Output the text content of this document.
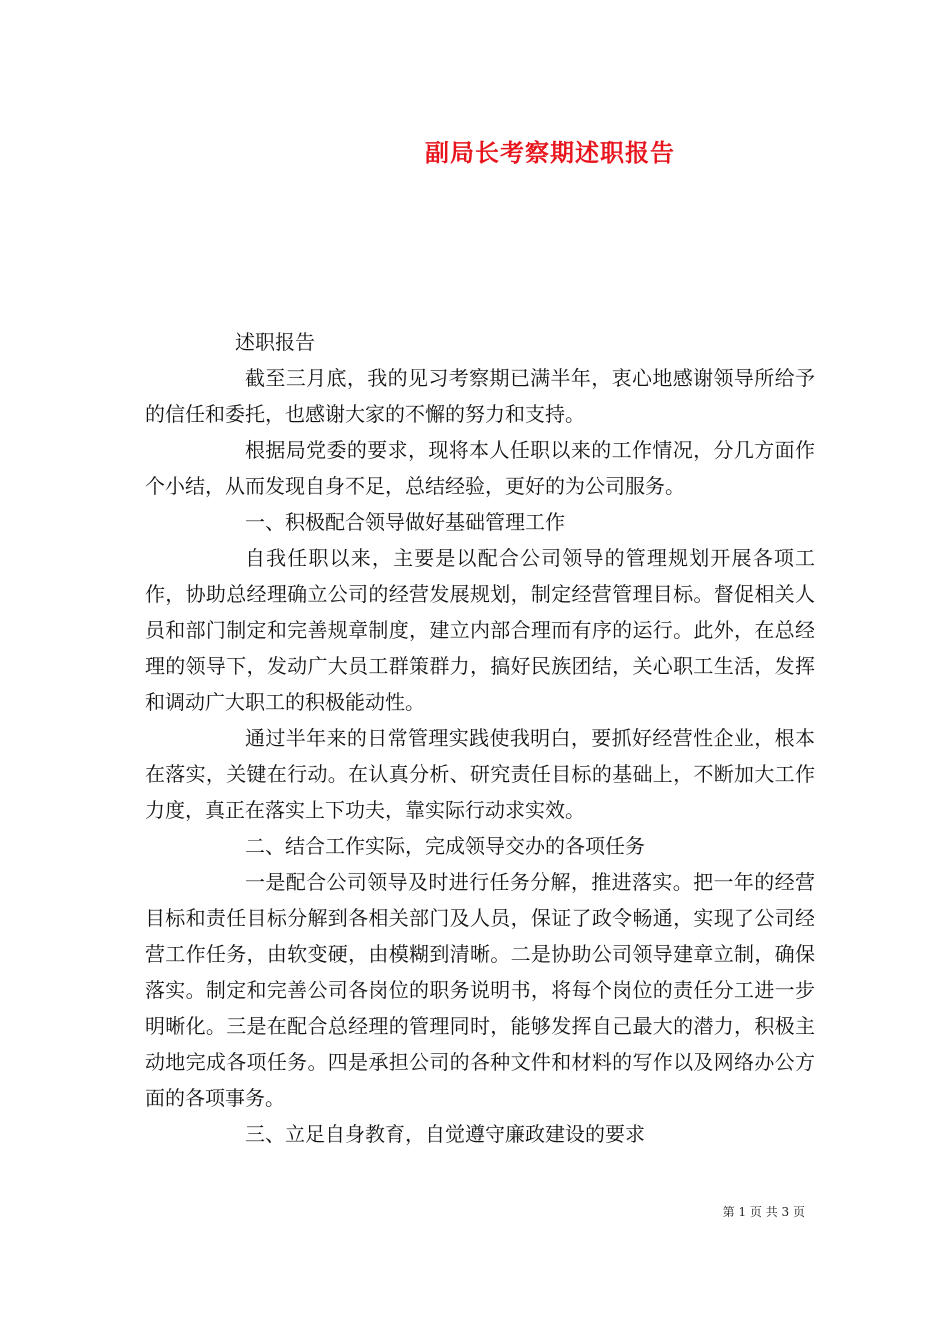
副局长考察期述职报告
述职报告

截至三月底，我的见习考察期已满半年，衷心地感谢领导所给予的信任和委托，也感谢大家的不懈的努力和支持。

根据局党委的要求，现将本人任职以来的工作情况，分几方面作个小结，从而发现自身不足，总结经验，更好的为公司服务。

一、积极配合领导做好基础管理工作

自我任职以来，主要是以配合公司领导的管理规划开展各项工作，协助总经理确立公司的经营发展规划，制定经营管理目标。督促相关人员和部门制定和完善规章制度，建立内部合理而有序的运行。此外，在总经理的领导下，发动广大员工群策群力，搞好民族团结，关心职工生活，发挥和调动广大职工的积极能动性。

通过半年来的日常管理实践使我明白，要抓好经营性企业，根本在落实，关键在行动。在认真分析、研究责任目标的基础上，不断加大工作力度，真正在落实上下功夫，靠实际行动求实效。

二、结合工作实际，完成领导交办的各项任务

一是配合公司领导及时进行任务分解，推进落实。把一年的经营目标和责任目标分解到各相关部门及人员，保证了政令畅通，实现了公司经营工作任务，由软变硬，由模糊到清晰。二是协助公司领导建章立制，确保落实。制定和完善公司各岗位的职务说明书，将每个岗位的责任分工进一步明晰化。三是在配合总经理的管理同时，能够发挥自己最大的潜力，积极主动地完成各项任务。四是承担公司的各种文件和材料的写作以及网络办公方面的各项事务。

三、立足自身教育，自觉遵守廉政建设的要求

第 1 页 共 3 页
